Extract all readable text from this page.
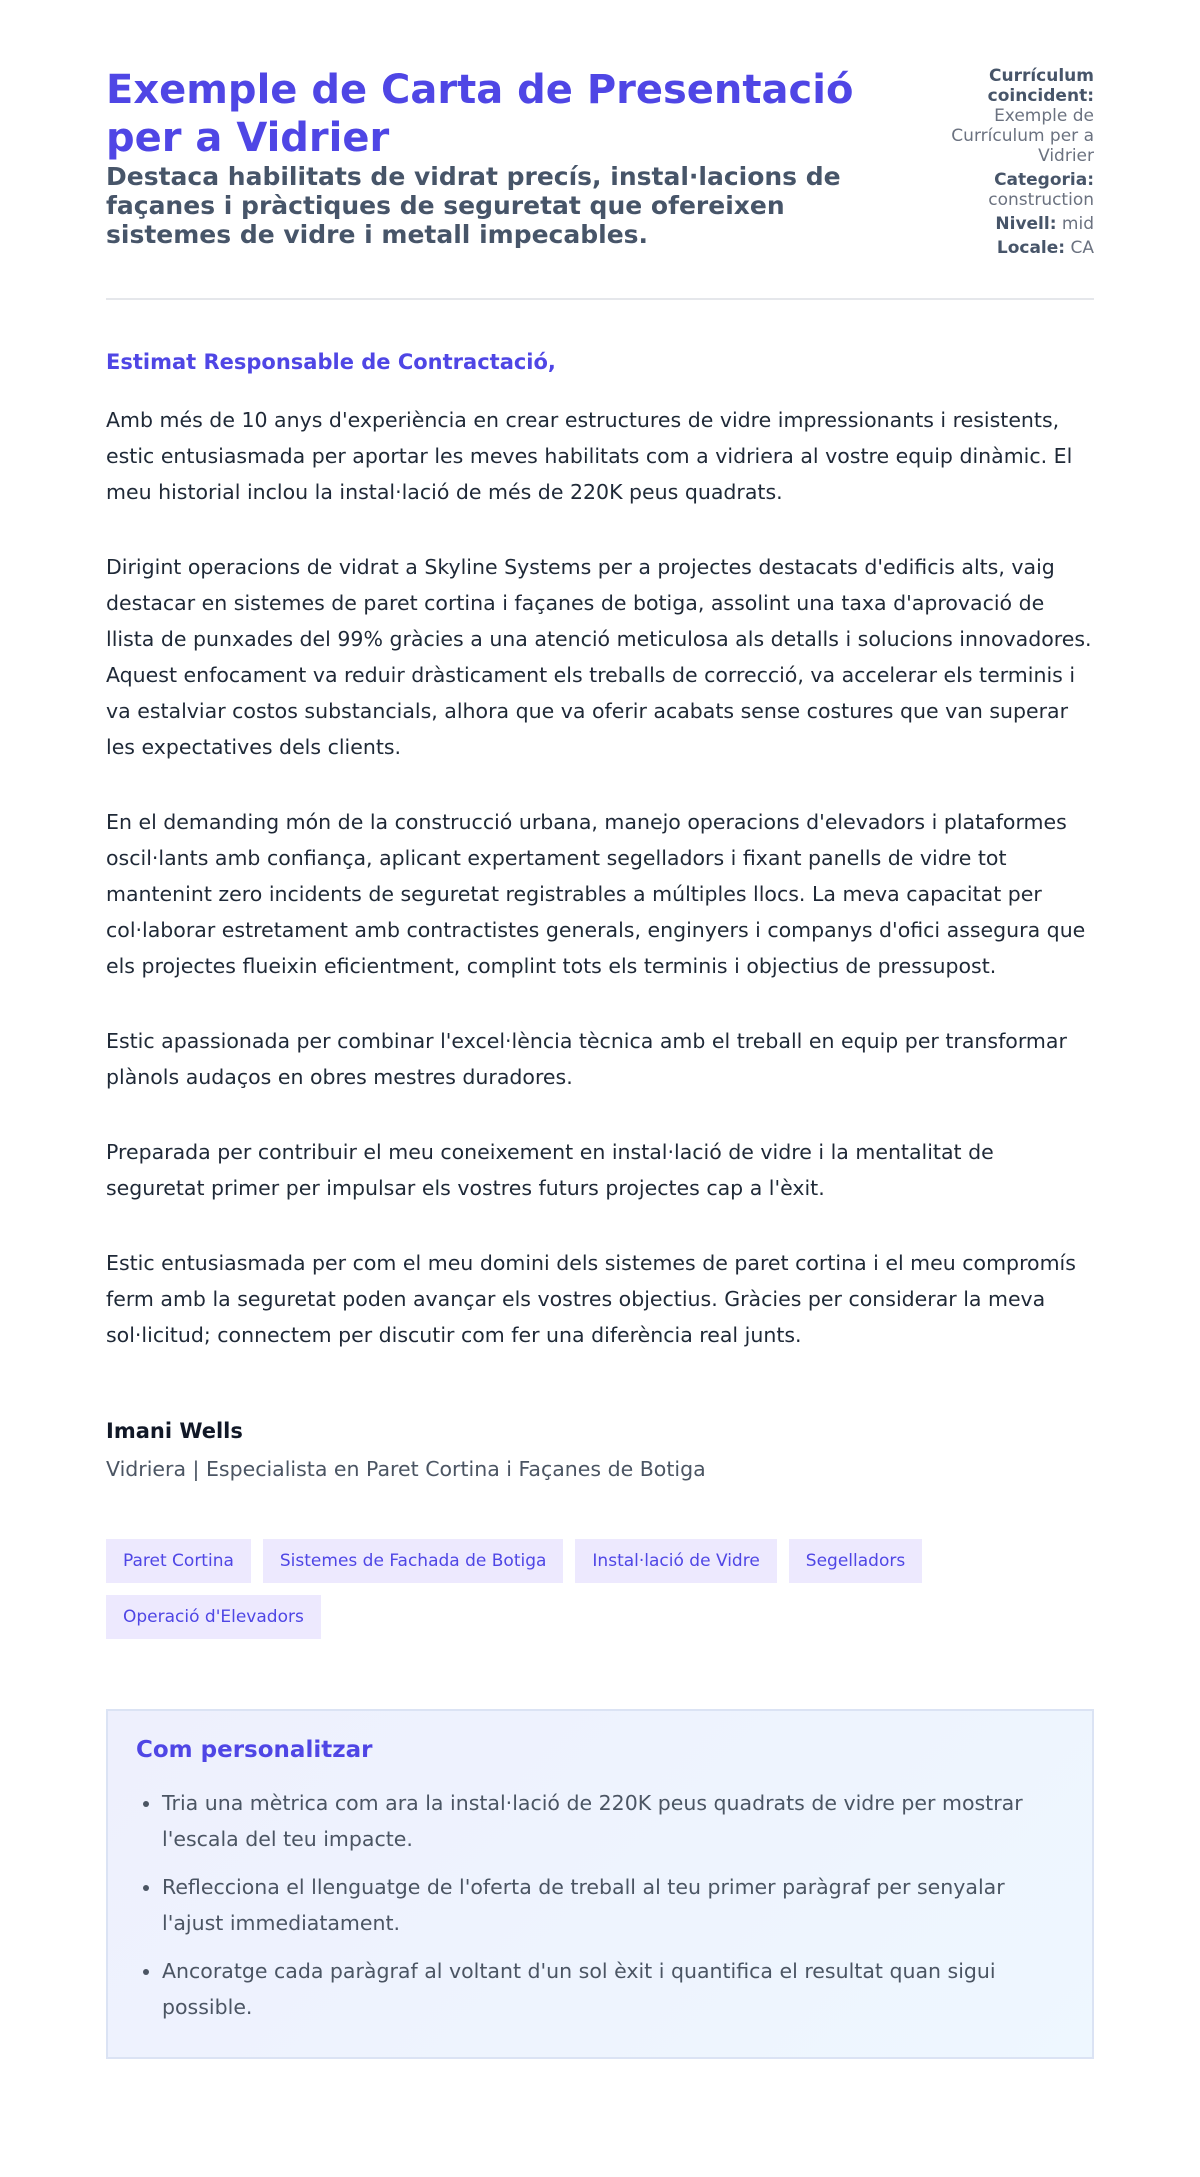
Exemple de Carta de Presentació per a Vidrier

Destaca habilitats de vidrat precís, instal·lacions de façanes i pràctiques de seguretat que ofereixen sistemes de vidre i metall impecables.

Currículum coincident: Exemple de Currículum per a Vidrier
Categoria: construction
Nivell: mid
Locale: CA
Estimat Responsable de Contractació,

Amb més de 10 anys d'experiència en crear estructures de vidre impressionants i resistents, estic entusiasmada per aportar les meves habilitats com a vidriera al vostre equip dinàmic. El meu historial inclou la instal·lació de més de 220K peus quadrats.

Dirigint operacions de vidrat a Skyline Systems per a projectes destacats d'edificis alts, vaig destacar en sistemes de paret cortina i façanes de botiga, assolint una taxa d'aprovació de llista de punxades del 99% gràcies a una atenció meticulosa als detalls i solucions innovadores. Aquest enfocament va reduir dràsticament els treballs de correcció, va accelerar els terminis i va estalviar costos substancials, alhora que va oferir acabats sense costures que van superar les expectatives dels clients.

En el demanding món de la construcció urbana, manejo operacions d'elevadors i plataformes oscil·lants amb confiança, aplicant expertament segelladors i fixant panells de vidre tot mantenint zero incidents de seguretat registrables a múltiples llocs. La meva capacitat per col·laborar estretament amb contractistes generals, enginyers i companys d'ofici assegura que els projectes flueixin eficientment, complint tots els terminis i objectius de pressupost.

Estic apassionada per combinar l'excel·lència tècnica amb el treball en equip per transformar plànols audaços en obres mestres duradores.

Preparada per contribuir el meu coneixement en instal·lació de vidre i la mentalitat de seguretat primer per impulsar els vostres futurs projectes cap a l'èxit.

Estic entusiasmada per com el meu domini dels sistemes de paret cortina i el meu compromís ferm amb la seguretat poden avançar els vostres objectius. Gràcies per considerar la meva sol·licitud; connectem per discutir com fer una diferència real junts.

Imani Wells
Vidriera | Especialista en Paret Cortina i Façanes de Botiga
Paret Cortina	Sistemes de Fachada de Botiga	Instal·lació de Vidre	Segelladors
Operació d'Elevadors
Com personalitzar
• Tria una mètrica com ara la instal·lació de 220K peus quadrats de vidre per mostrar l'escala del teu impacte.
• Reflecciona el llenguatge de l'oferta de treball al teu primer paràgraf per senyalar l'ajust immediatament.
• Ancoratge cada paràgraf al voltant d'un sol èxit i quantifica el resultat quan sigui possible.
